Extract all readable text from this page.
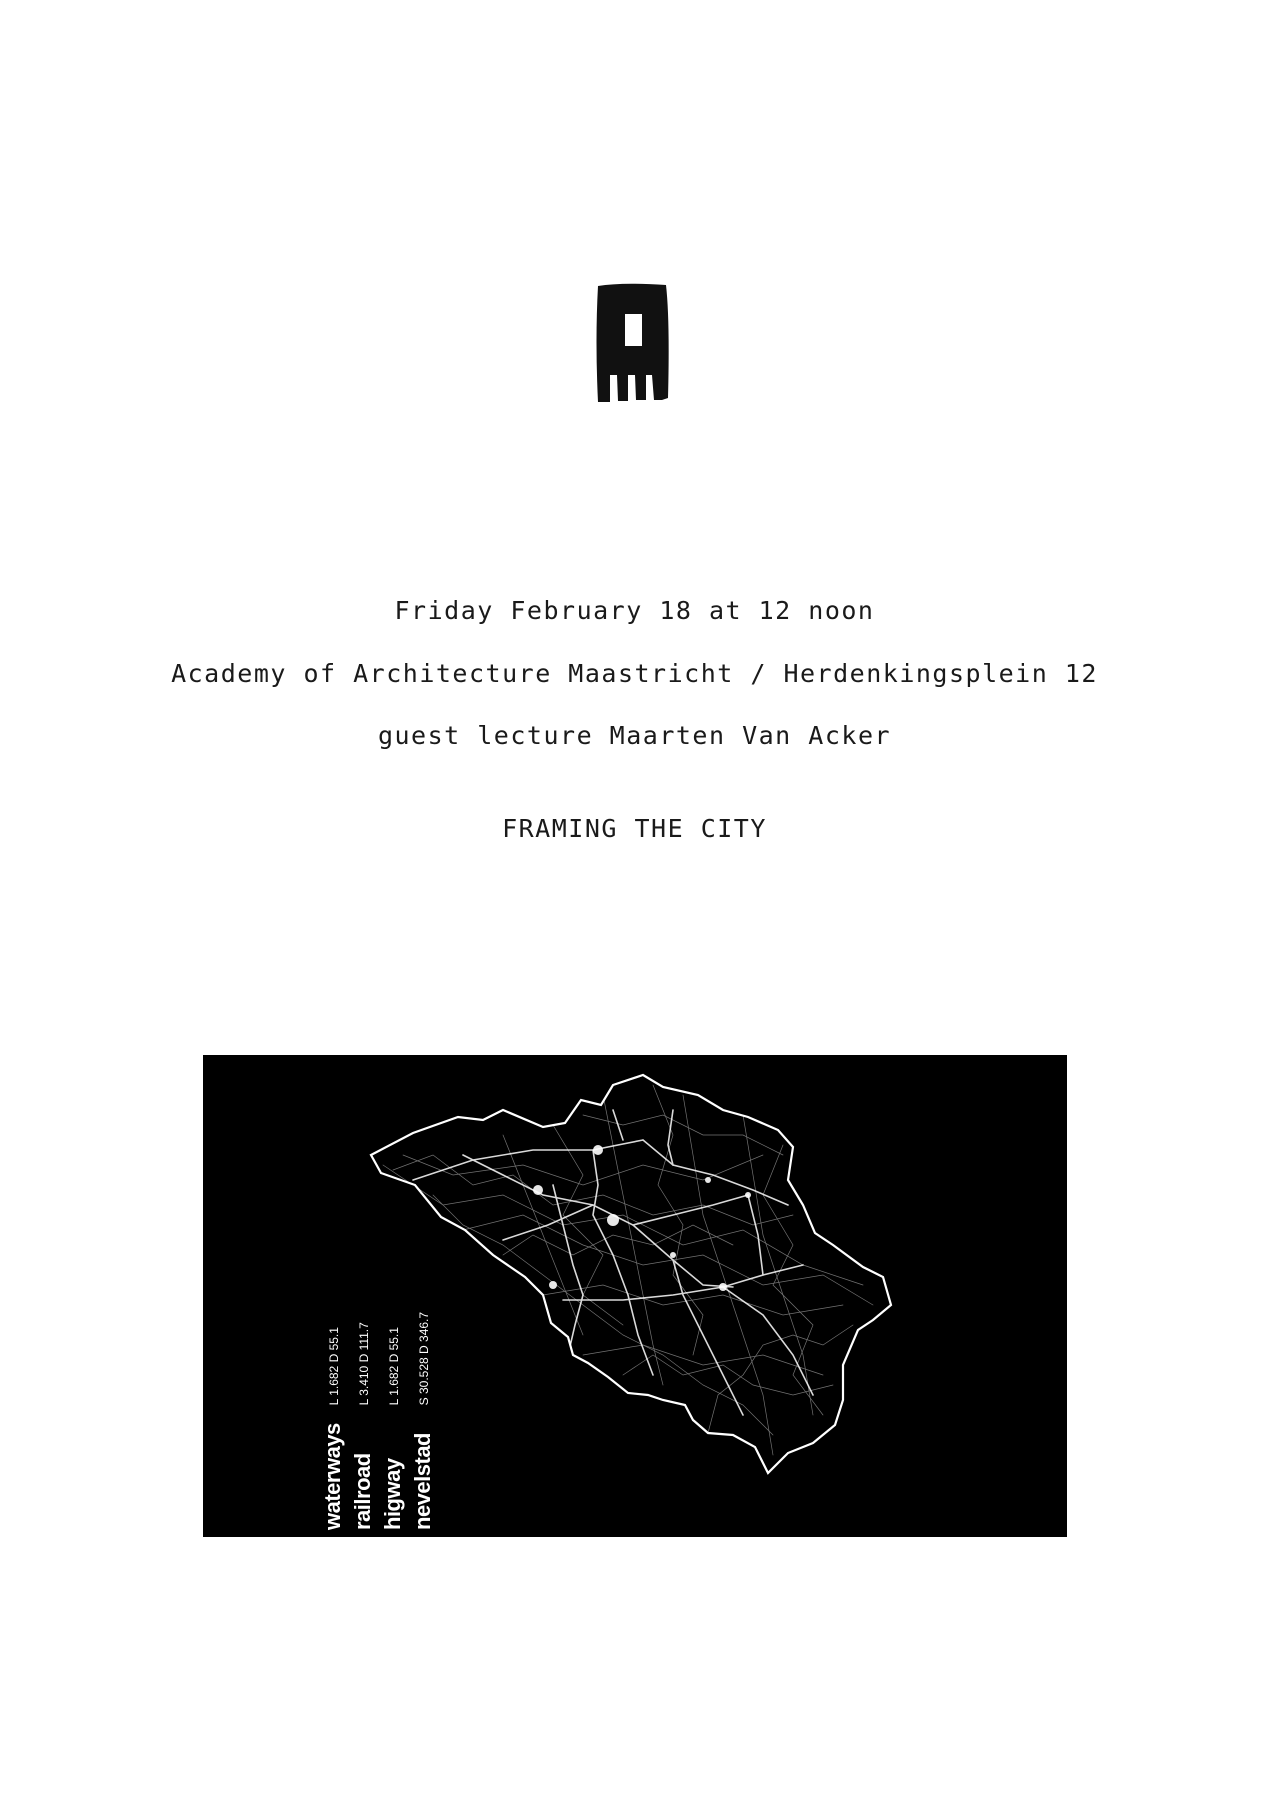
Friday February 18 at 12 noon
Academy of Architecture Maastricht / Herdenkingsplein 12
guest lecture Maarten Van Acker
FRAMING THE CITY
waterways L 1.682 D 55.1
railroad L 3.410 D 111.7
higway L 1.682 D 55.1
nevelstad S 30.528 D 346.7
